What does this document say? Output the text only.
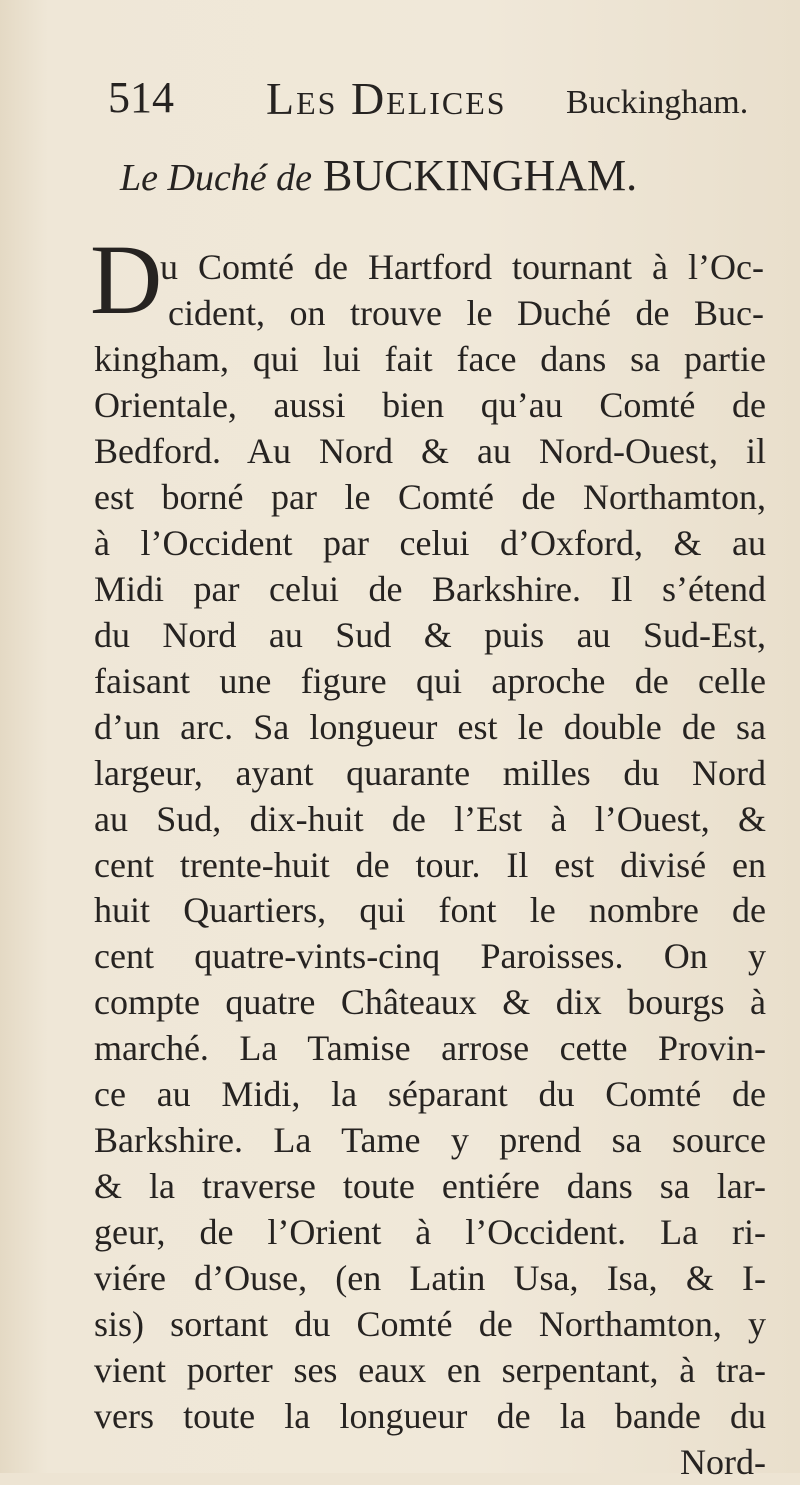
514 Les Delices Buckingham.
Le Duché de BUCKINGHAM.
D
u Comté de Hartford tournant à l’Oc-
cident, on trouve le Duché de Buc-
kingham, qui lui fait face dans sa partie
Orientale, aussi bien qu’au Comté de
Bedford. Au Nord & au Nord-Ouest, il
est borné par le Comté de Northamton,
à l’Occident par celui d’Oxford, & au
Midi par celui de Barkshire. Il s’étend
du Nord au Sud & puis au Sud-Est,
faisant une figure qui aproche de celle
d’un arc. Sa longueur est le double de sa
largeur, ayant quarante milles du Nord
au Sud, dix-huit de l’Est à l’Ouest, &
cent trente-huit de tour. Il est divisé en
huit Quartiers, qui font le nombre de
cent quatre-vints-cinq Paroisses. On y
compte quatre Châteaux & dix bourgs à
marché. La Tamise arrose cette Provin-
ce au Midi, la séparant du Comté de
Barkshire. La Tame y prend sa source
& la traverse toute entiére dans sa lar-
geur, de l’Orient à l’Occident. La ri-
viére d’Ouse, (en Latin Usa, Isa, & I-
sis) sortant du Comté de Northamton, y
vient porter ses eaux en serpentant, à tra-
vers toute la longueur de la bande du
Nord-
